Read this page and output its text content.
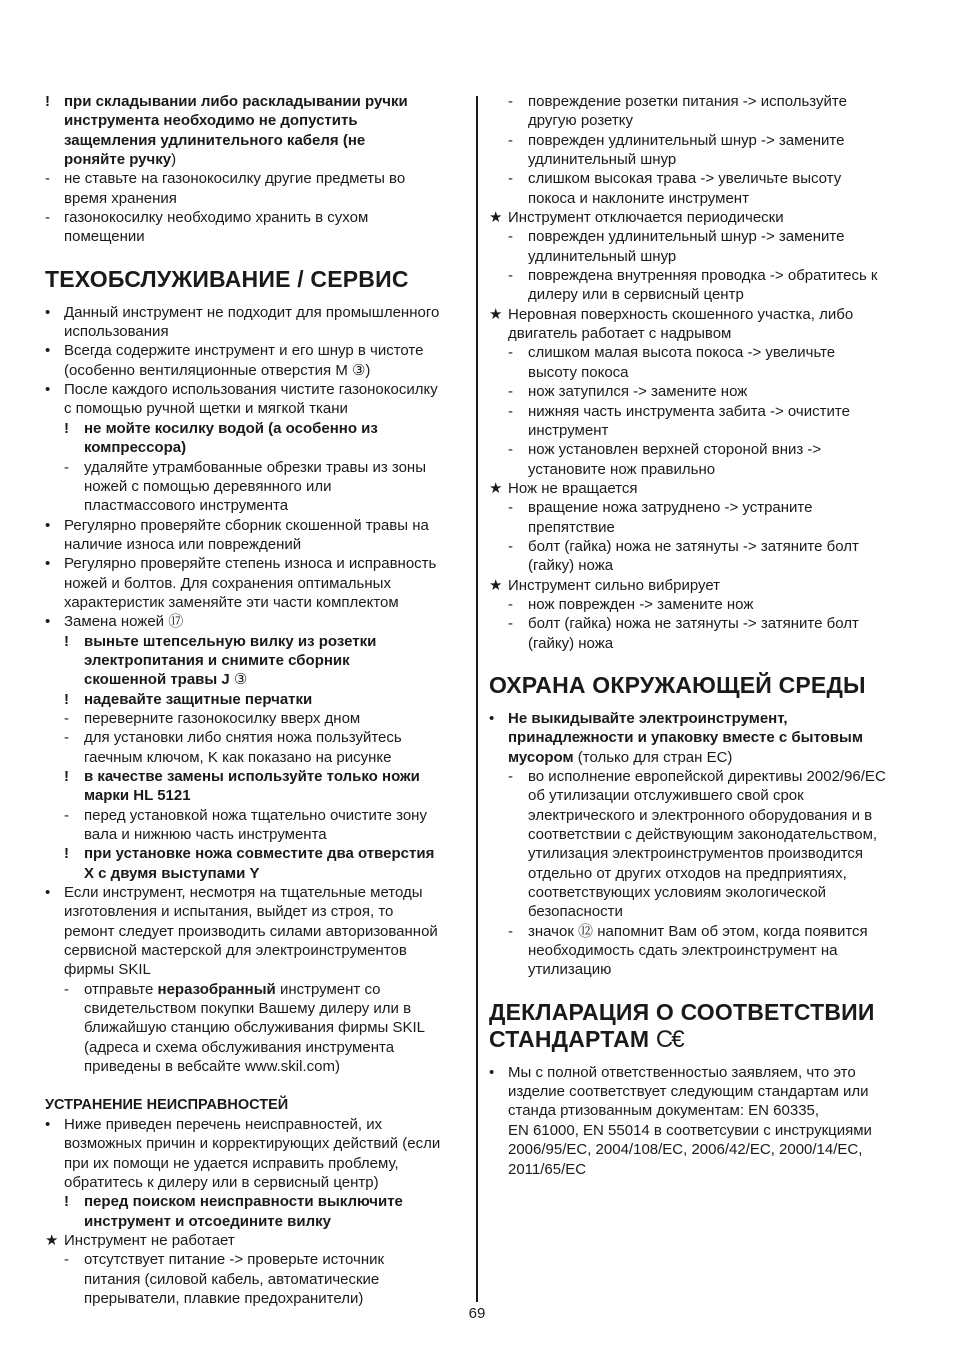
! при складывании либо раскладывании ручки
инструмента необходимо не допустить
защемления удлинительного кабеля (не
роняйте ручку)
- не ставьте на газонокосилку другие предметы во
время хранения
- газонокосилку необходимо хранить в сухом
помещении
ТЕХОБСЛУЖИВАНИЕ / СЕРВИС
• Данный инструмент не подходит для промышленного
использования
• Всегда содержите инструмент и его шнур в чистоте
(особенно вентиляционные отверстия M ③)
• После каждого использования чистите газонокосилку
с помощью ручной щетки и мягкой ткани
! не мойте косилку водой (а особенно из
компрессора)
- удаляйте утрамбованные обрезки травы из зоны
ножей с помощью деревянного или
пластмассового инструмента
• Регулярно проверяйте сборник скошенной травы на
наличие износа или повреждений
• Регулярно проверяйте степень износа и исправность
ножей и болтов. Для сохранения оптимальных
характеристик заменяйте эти части комплектом
• Замена ножей ⑰
! выньте штепсельную вилку из розетки
электропитания и снимите сборник
скошенной травы J ③
! надевайте защитные перчатки
- переверните газонокосилку вверх дном
- для установки либо снятия ножа пользуйтесь
гаечным ключом, K как показано на рисунке
! в качестве замены используйте только ножи
марки HL 5121
- перед установкой ножа тщательно очистите зону
вала и нижнюю часть инструмента
! при установке ножа совместите два отверстия
X с двумя выступами Y
• Если инструмент, несмотря на тщательные методы
изготовления и испытания, выйдет из строя, то
ремонт следует производить силами авторизованной
сервисной мастерской для электроинструментов
фирмы SKIL
- отправьте неразобранный инструмент со
свидетельством покупки Вашему дилеру или в
ближайшую станцию обслуживания фирмы SKIL
(адреса и схема обслуживания инструмента
приведены в вебсайте www.skil.com)
УСТРАНЕНИЕ НЕИСПРАВНОСТЕЙ
• Ниже приведен перечень неисправностей, их
возможных причин и корректирующих действий (если
при их помощи не удается исправить проблему,
обратитесь к дилеру или в сервисный центр)
! перед поиском неисправности выключите
инструмент и отсоедините вилку
★ Инструмент не работает
- отсутствует питание -> проверьте источник
питания (силовой кабель, автоматические
прерыватели, плавкие предохранители)
- повреждение розетки питания -> используйте
другую розетку
- поврежден удлинительный шнур -> замените
удлинительный шнур
- слишком высокая трава -> увеличьте высоту
покоса и наклоните инструмент
★ Инструмент отключается периодически
- поврежден удлинительный шнур -> замените
удлинительный шнур
- повреждена внутренняя проводка -> обратитесь к
дилеру или в сервисный центр
★ Неровная поверхность скошенного участка, либо
двигатель работает с надрывом
- слишком малая высота покоса -> увеличьте
высоту покоса
- нож затупился -> замените нож
- нижняя часть инструмента забита -> очистите
инструмент
- нож установлен верхней стороной вниз ->
установите нож правильно
★ Нож не вращается
- вращение ножа затруднено -> устраните
препятствие
- болт (гайка) ножа не затянуты -> затяните болт
(гайку) ножа
★ Инструмент сильно вибрирует
- нож поврежден -> замените нож
- болт (гайка) ножа не затянуты -> затяните болт
(гайку) ножа
ОХРАНА ОКРУЖАЮЩЕЙ СРЕДЫ
• Не выкидывайте электроинструмент,
принадлежности и упаковку вместе с бытовым
мусором (только для стран ЕС)
- во исполнение европейской директивы 2002/96/ЕС
об утилизации отслужившего свой срок
электрического и электронного оборудования и в
соответствии с действующим законодательством,
утилизация электроинструментов производится
отдельно от других отходов на предприятиях,
соответствующих условиям экологической
безопасности
- значок ⑫ напомнит Вам об этом, когда появится
необходимость сдать электроинструмент на
утилизацию
ДЕКЛАРАЦИЯ О СООТВЕТСТВИИ
СТАНДАРТАМ C€
• Мы с полной ответственностыо заявляем, что это
изделие соответствует следующим стандартам или
станда ртизованным документам: EN 60335,
EN 61000, EN 55014 в соответсувии с инструкциями
2006/95/EC, 2004/108/EC, 2006/42/EC, 2000/14/EC,
2011/65/EC
69
